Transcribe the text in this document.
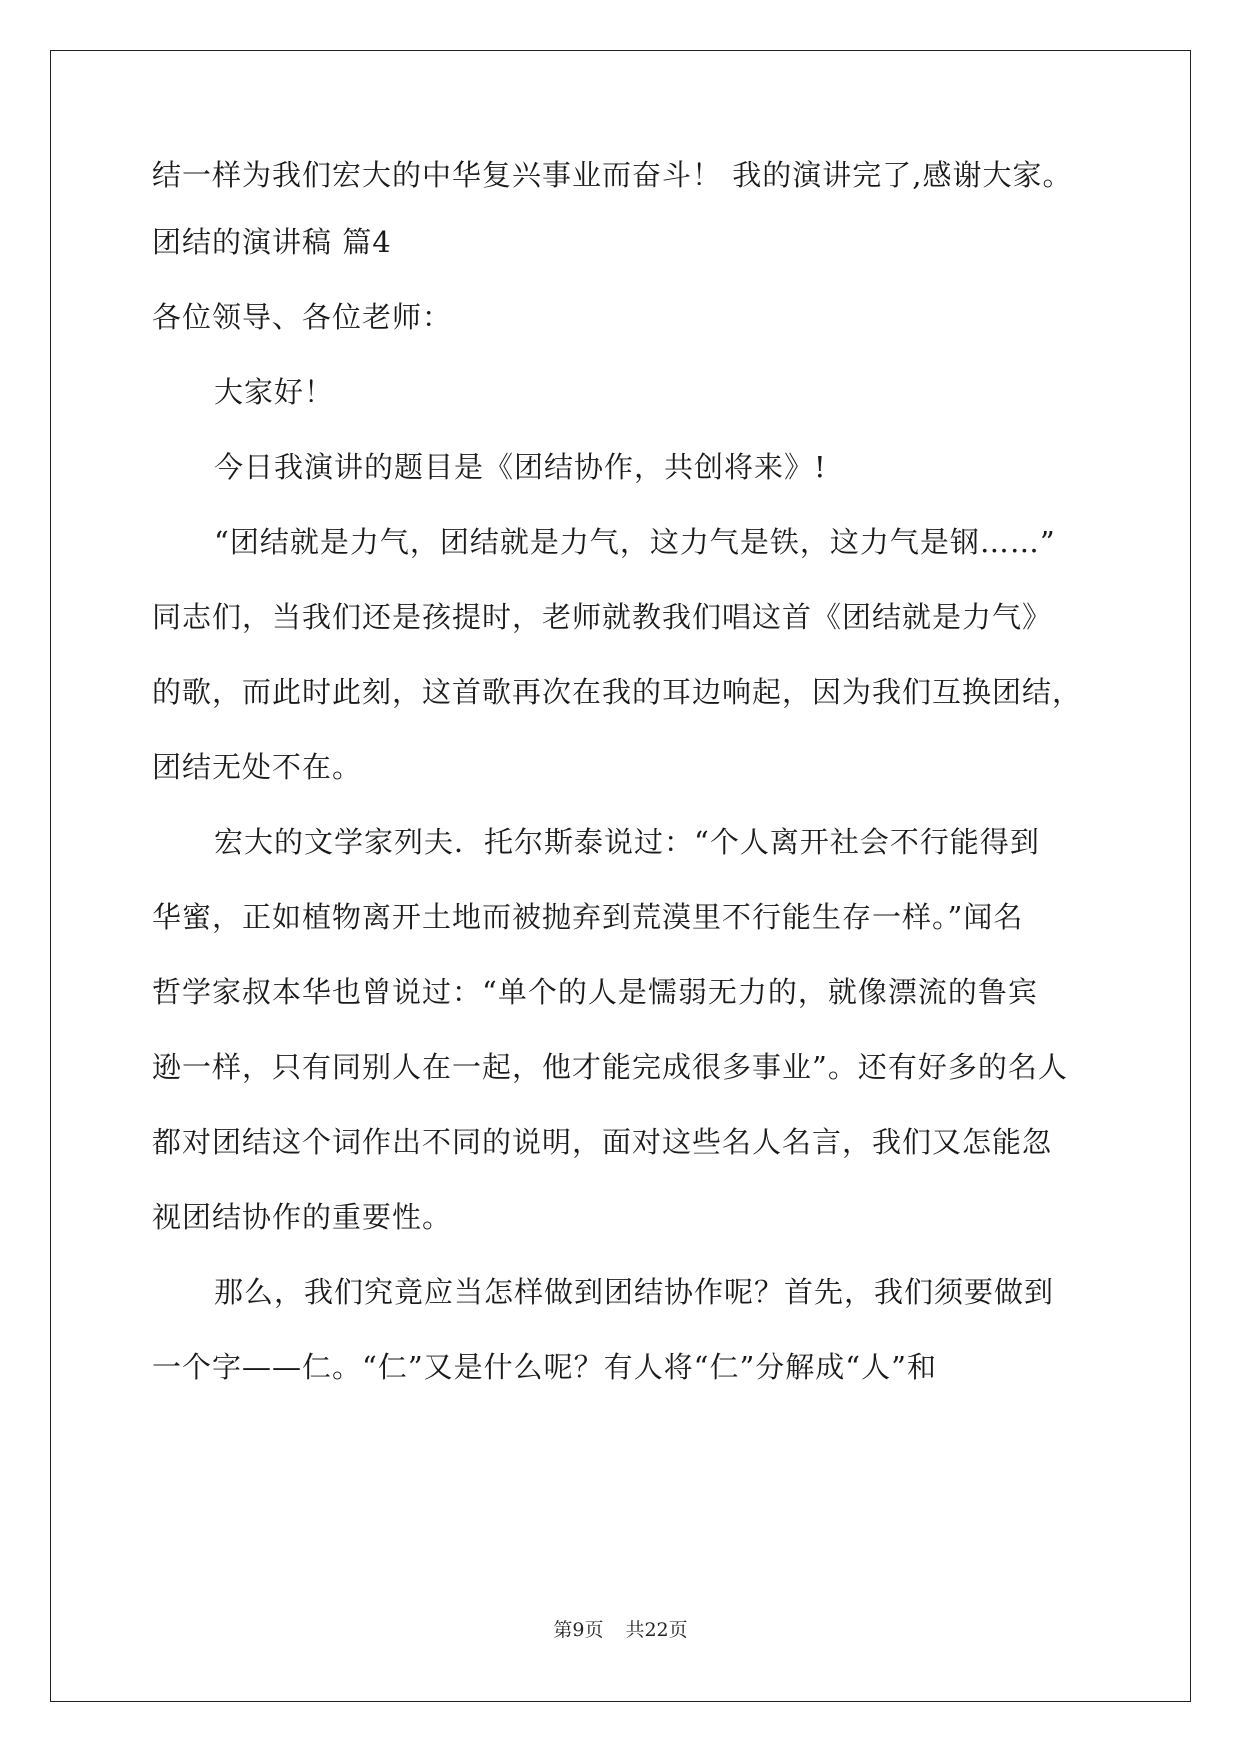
结一样为我们宏大的中华复兴事业而奋斗！ 我的演讲完了,感谢大家。
团结的演讲稿 篇4
各位领导、各位老师：
大家好！
今日我演讲的题目是《团结协作，共创将来》!
“团结就是力气，团结就是力气，这力气是铁，这力气是钢……”
同志们，当我们还是孩提时，老师就教我们唱这首《团结就是力气》
的歌，而此时此刻，这首歌再次在我的耳边响起，因为我们互换团结，
团结无处不在。
宏大的文学家列夫．托尔斯泰说过：“个人离开社会不行能得到
华蜜，正如植物离开土地而被抛弃到荒漠里不行能生存一样。”闻名
哲学家叔本华也曾说过：“单个的人是懦弱无力的，就像漂流的鲁宾
逊一样，只有同别人在一起，他才能完成很多事业”。还有好多的名人
都对团结这个词作出不同的说明，面对这些名人名言，我们又怎能忽
视团结协作的重要性。
那么，我们究竟应当怎样做到团结协作呢？首先，我们须要做到
一个字——仁。“仁”又是什么呢？有人将“仁”分解成“人”和
第9页 共22页
